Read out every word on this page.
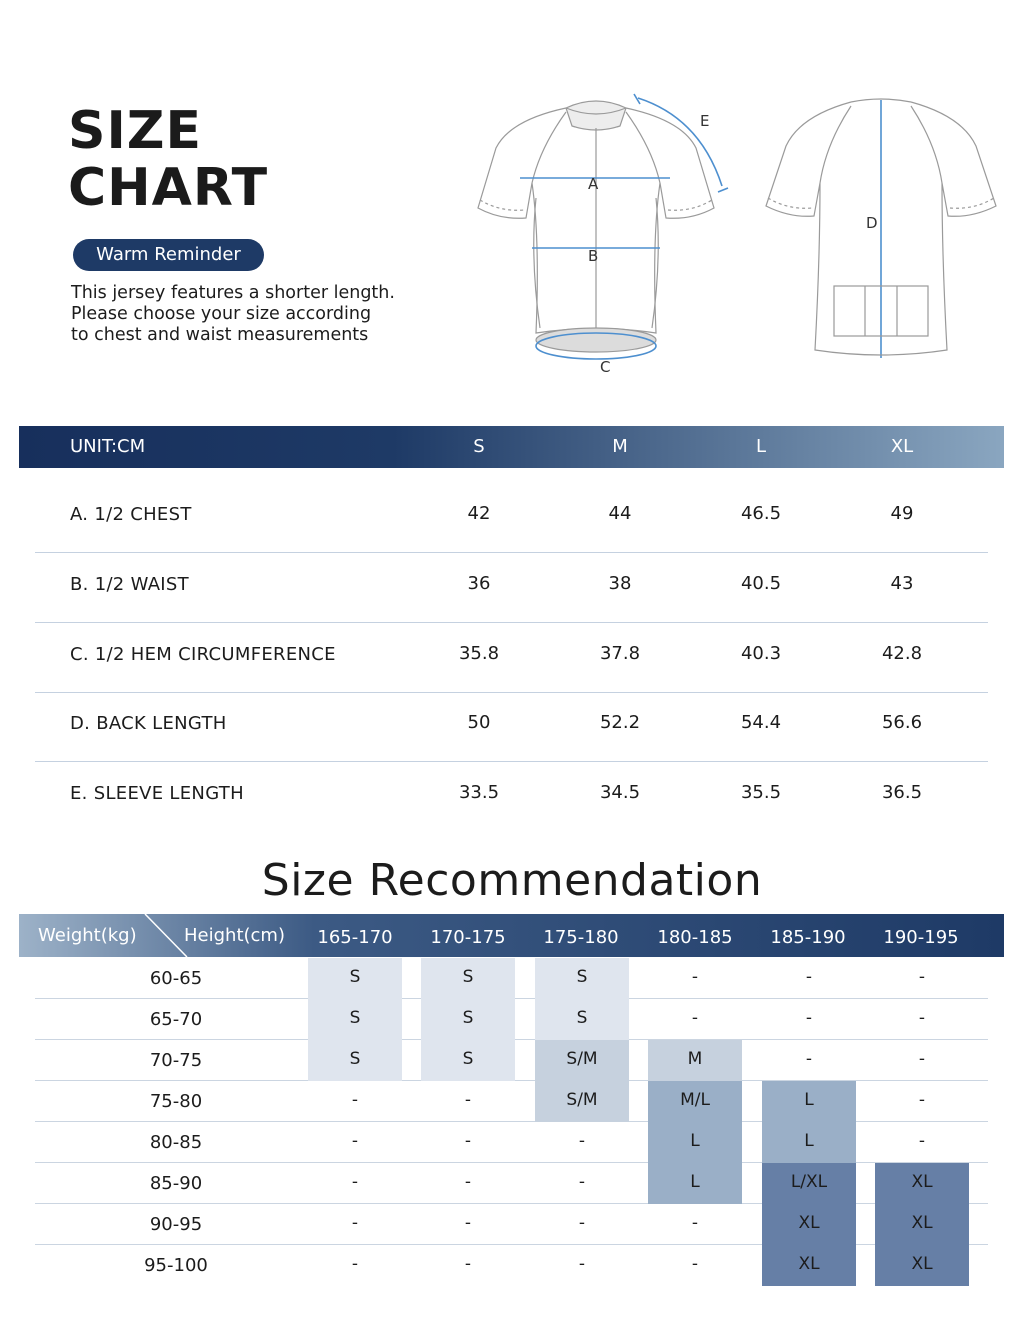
SIZE
CHART
Warm Reminder
This jersey features a shorter length.
Please choose your size according
to chest and waist measurements
A
B
C
E
D
UNIT:CM	S	M	L	XL
A. 1/2 CHEST	42	44	46.5	49
B. 1/2 WAIST	36	38	40.5	43
C. 1/2 HEM CIRCUMFERENCE	35.8	37.8	40.3	42.8
D. BACK LENGTH	50	52.2	54.4	56.6
E. SLEEVE LENGTH	33.5	34.5	35.5	36.5
Size Recommendation
Weight(kg)	Height(cm)	165-170	170-175	175-180	180-185	185-190	190-195
60-65	S	S	S	-	-	-
65-70	S	S	S	-	-	-
70-75	S	S	S/M	M	-	-
75-80	-	-	S/M	M/L	L	-
80-85	-	-	-	L	L	-
85-90	-	-	-	L	L/XL	XL
90-95	-	-	-	-	XL	XL
95-100	-	-	-	-	XL	XL
